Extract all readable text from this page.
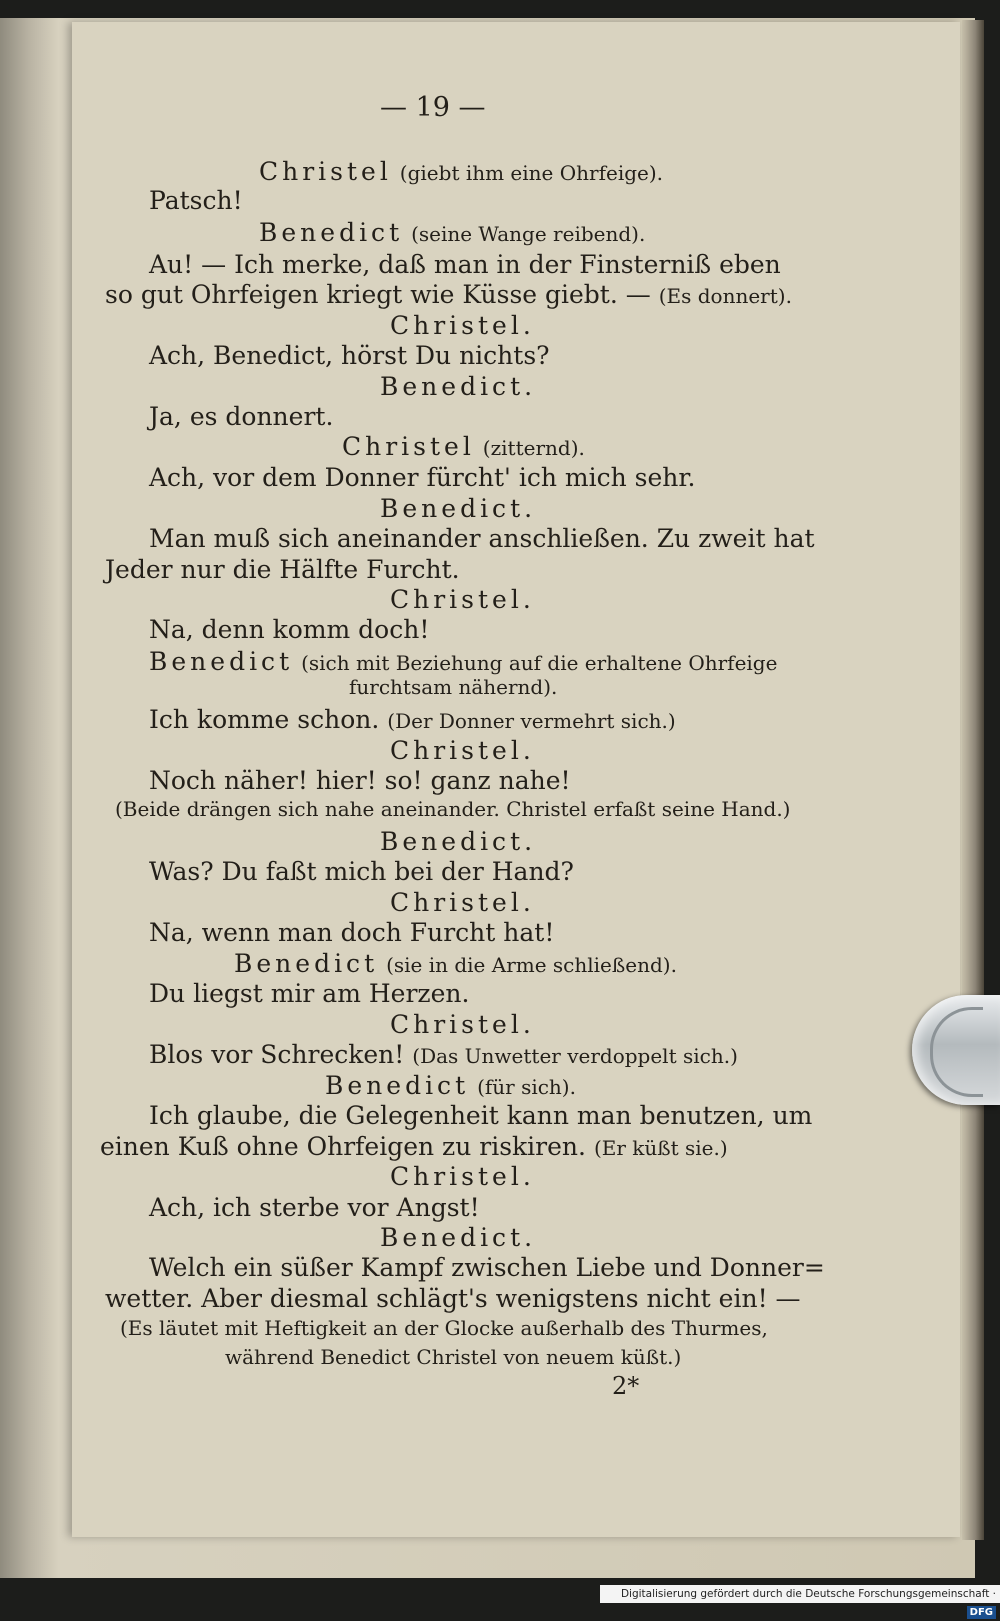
— 19 —
Christel (giebt ihm eine Ohrfeige).
Patsch!
Benedict (seine Wange reibend).
Au! — Ich merke, daß man in der Finsterniß eben
so gut Ohrfeigen kriegt wie Küsse giebt. — (Es donnert).
Christel.
Ach, Benedict, hörst Du nichts?
Benedict.
Ja, es donnert.
Christel (zitternd).
Ach, vor dem Donner fürcht' ich mich sehr.
Benedict.
Man muß sich aneinander anschließen. Zu zweit hat
Jeder nur die Hälfte Furcht.
Christel.
Na, denn komm doch!
Benedict (sich mit Beziehung auf die erhaltene Ohrfeige
furchtsam nähernd).
Ich komme schon. (Der Donner vermehrt sich.)
Christel.
Noch näher! hier! so! ganz nahe!
(Beide drängen sich nahe aneinander. Christel erfaßt seine Hand.)
Benedict.
Was? Du faßt mich bei der Hand?
Christel.
Na, wenn man doch Furcht hat!
Benedict (sie in die Arme schließend).
Du liegst mir am Herzen.
Christel.
Blos vor Schrecken! (Das Unwetter verdoppelt sich.)
Benedict (für sich).
Ich glaube, die Gelegenheit kann man benutzen, um
einen Kuß ohne Ohrfeigen zu riskiren. (Er küßt sie.)
Christel.
Ach, ich sterbe vor Angst!
Benedict.
Welch ein süßer Kampf zwischen Liebe und Donner=
wetter. Aber diesmal schlägt's wenigstens nicht ein! —
(Es läutet mit Heftigkeit an der Glocke außerhalb des Thurmes,
während Benedict Christel von neuem küßt.)
2*
Digitalisierung gefördert durch die Deutsche Forschungsgemeinschaft ·DFG
